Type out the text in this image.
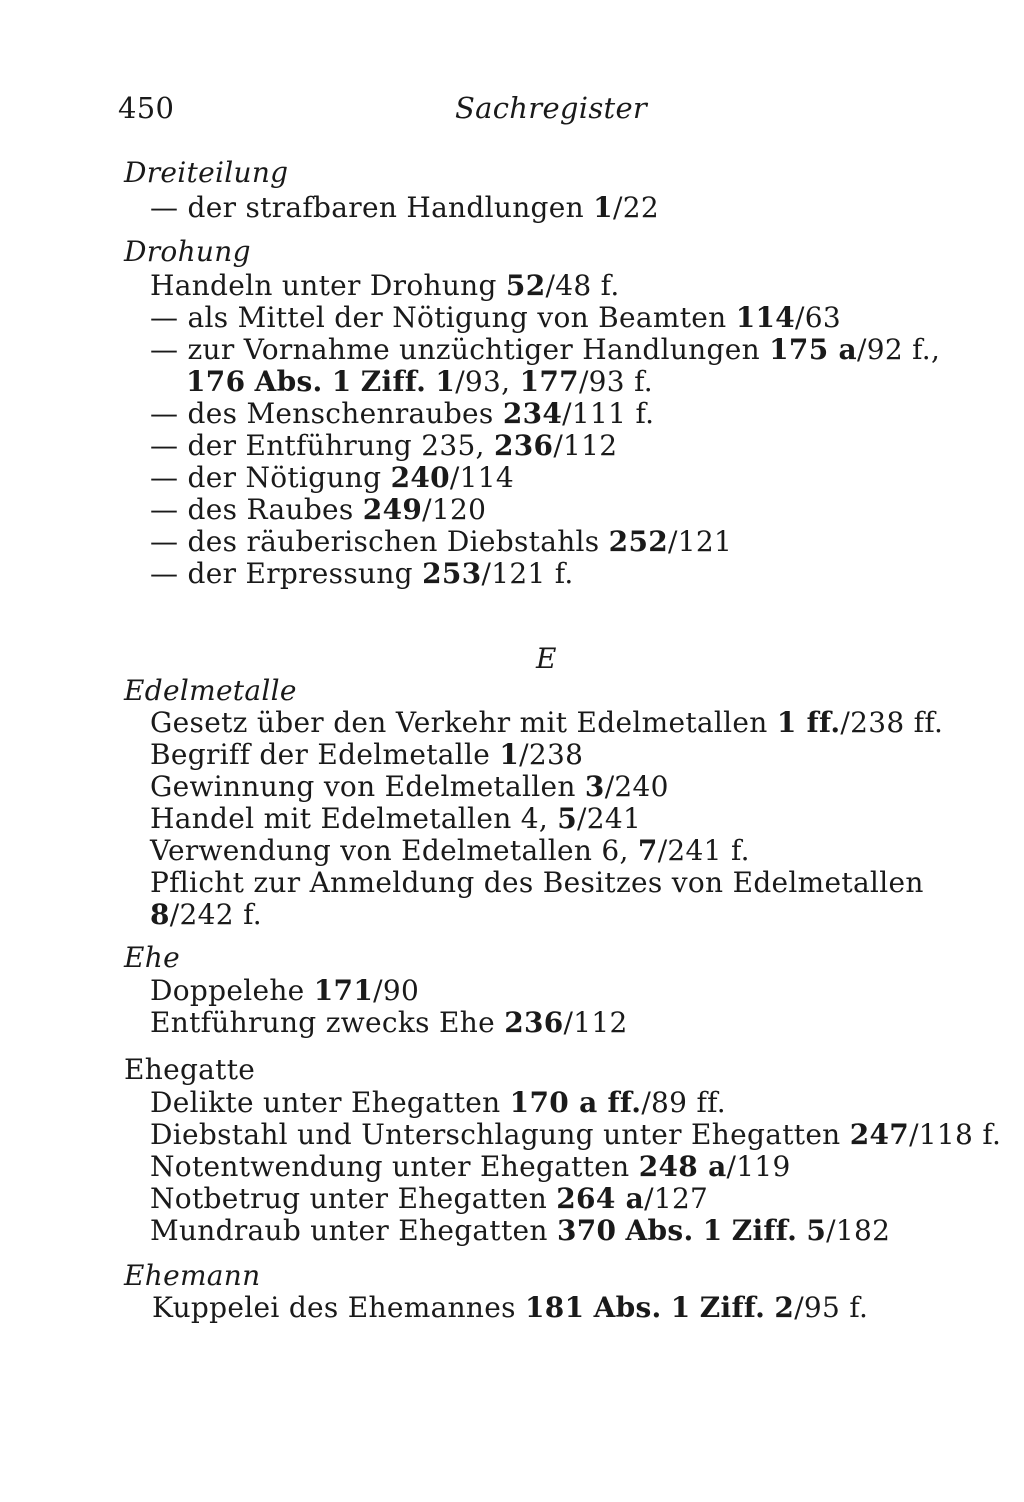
450	Sachregister
Dreiteilung
— der strafbaren Handlungen 1/22
Drohung
Handeln unter Drohung 52/48 f.
— als Mittel der Nötigung von Beamten 114/63
— zur Vornahme unzüchtiger Handlungen 175 a/92 f.,
176 Abs. 1 Ziff. 1/93, 177/93 f.
— des Menschenraubes 234/111 f.
— der Entführung 235, 236/112
— der Nötigung 240/114
— des Raubes 249/120
— des räuberischen Diebstahls 252/121
— der Erpressung 253/121 f.
E
Edelmetalle
Gesetz über den Verkehr mit Edelmetallen 1 ff./238 ff.
Begriff der Edelmetalle 1/238
Gewinnung von Edelmetallen 3/240
Handel mit Edelmetallen 4, 5/241
Verwendung von Edelmetallen 6, 7/241 f.
Pflicht zur Anmeldung des Besitzes von Edelmetallen
8/242 f.
Ehe
Doppelehe 171/90
Entführung zwecks Ehe 236/112
Ehegatte
Delikte unter Ehegatten 170 a ff./89 ff.
Diebstahl und Unterschlagung unter Ehegatten 247/118 f.
Notentwendung unter Ehegatten 248 a/119
Notbetrug unter Ehegatten 264 a/127
Mundraub unter Ehegatten 370 Abs. 1 Ziff. 5/182
Ehemann
Kuppelei des Ehemannes 181 Abs. 1 Ziff. 2/95 f.
